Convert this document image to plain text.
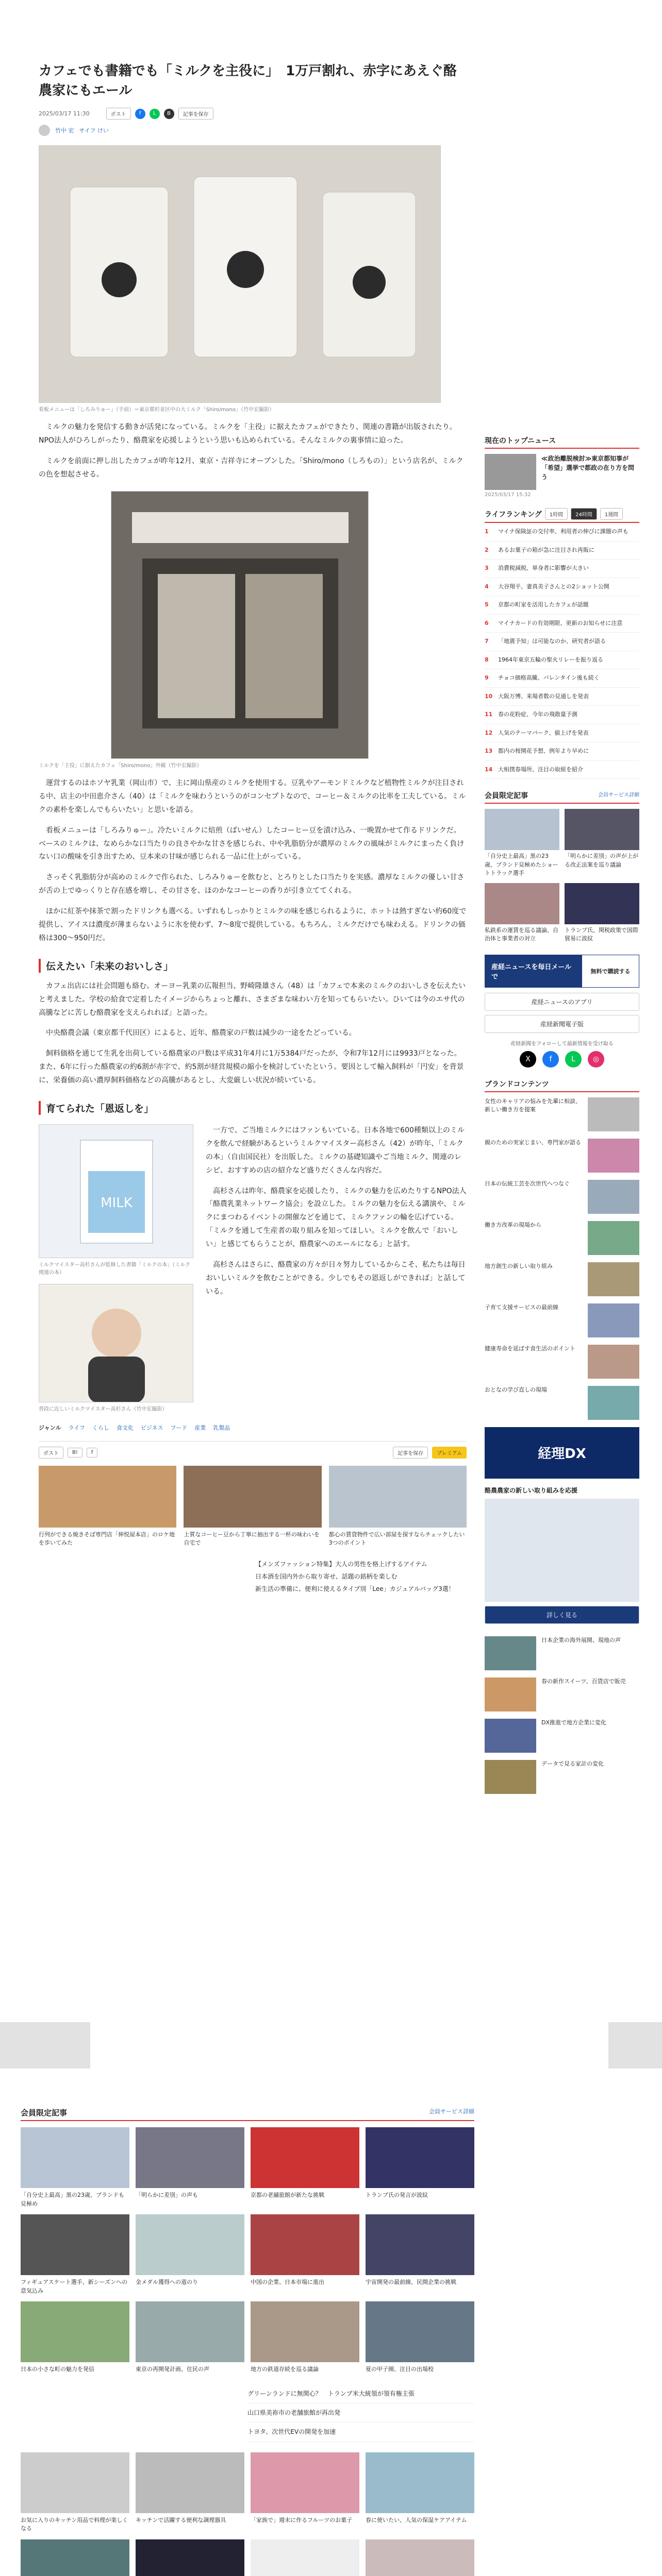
カフェでも書籍でも「ミルクを主役に」　1万戸割れ、赤字にあえぐ酪農家にもエール
2025/03/17 11:30	ポスト	f	L	B	記事を保存
竹中 宏 サイフ けい
看板メニューは「しろみりゅー」（手前）＝東京都杉並区中の大ミルク「Shiro/mono」（竹中宏撮影）

ミルクの魅力を発信する動きが活発になっている。ミルクを「主役」に据えたカフェができたり、関連の書籍が出版されたり。NPO法人がひろしがったり、酪農家を応援しようという思いも込められている。そんなミルクの裏事情に迫った。

ミルクを前面に押し出したカフェが昨年12月、東京・吉祥寺にオープンした。「Shiro/mono（しろもの）」という店名が、ミルクの色を想起させる。

ミルクを「主役」に据えたカフェ「Shiro/mono」外観（竹中宏撮影）

運営するのはホソヤ乳業（岡山市）で、主に岡山県産のミルクを使用する。豆乳やアーモンドミルクなど植物性ミルクが注目される中、店主の中田恵介さん（40）は「ミルクを味わうというのがコンセプトなので、コーヒー＆ミルクの比率を工夫している。ミルクの素朴を楽しんでもらいたい」と思いを語る。

看板メニューは「しろみりゅー」。冷たいミルクに焙煎（ばいせん）したコーヒー豆を漬け込み、一晩置かせて作るドリンクだ。ベースのミルクは、なめらかな口当たりの良さやかな甘さを感じられ、中や乳脂肪分が濃厚のミルクの風味がミルクにまったく負けない口の酸味を引き出すため、豆本来の甘味が感じられる一品に仕上がっている。

さっそく乳脂肪分が高めのミルクで作られた、しろみりゅーを飲むと、とろりとした口当たりを実感。濃厚なミルクの優しい甘さが舌の上でゆっくりと存在感を増し、その甘さを、ほのかなコーヒーの香りが引き立ててくれる。

ほかに紅茶や抹茶で割ったドリンクも選べる。いずれもしっかりとミルクの味を感じられるように、ホットは熱すぎない約60度で提供し、アイスは濃度が薄まらないように氷を使わず、7〜8度で提供している。もちろん、ミルクだけでも味わえる。ドリンクの価格は300〜950円だ。

伝えたい「未来のおいしさ」

カフェ出店には社会問題も絡む。オーヨー乳業の広報担当、野崎隆雄さん（48）は「カフェで本来のミルクのおいしさを伝えたいと考えました。学校の給食で定着したイメージからちょっと離れ、さまざまな味わい方を知ってもらいたい。ひいては今のエサ代の高騰などに苦しむ酪農家を支えられれば」と語った。

中央酪農会議（東京都千代田区）によると、近年、酪農家の戸数は減少の一途をたどっている。

飼料価格を通じて生乳を出荷している酪農家の戸数は平成31年4月に1万5384戸だったが、令和7年12月には9933戸となった。また、6年に行った酪農家の約6割が赤字で、約5割が経営規模の縮小を検討していたという。要因として輸入飼料が「円安」を背景に、栄養価の高い濃厚飼料価格などの高騰があるとし、大変厳しい状況が続いている。

育てられた「恩返しを」
MILK
ミルクマイスター高杉さんが監修した書籍「ミルクの本」（ミルク関連の本）
普段に近しいミルクマイスター高杉さん（竹中宏撮影）

一方で、ご当地ミルクにはファンもいている。日本各地で600種類以上のミルクを飲んで経験があるというミルクマイスター高杉さん（42）が昨年、「ミルクの本」（自由国民社）を出版した。ミルクの基礎知識やご当地ミルク、関連のレシピ、おすすめの店の紹介など盛りだくさんな内容だ。

高杉さんは昨年、酪農家を応援したり、ミルクの魅力を広めたりするNPO法人「酪農乳業ネットワーク協会」を設立した。ミルクの魅力を伝える講演や、ミルクにまつわるイベントの開催などを通じて、ミルクファンの輪を広げている。「ミルクを通して生産者の取り組みを知ってほしい。ミルクを飲んで「おいしい」と感じてもらうことが、酪農家へのエールになる」と話す。

高杉さんはさらに、酪農家の方々が日々努力しているからこそ、私たちは毎日おいしいミルクを飲むことができる。少しでもその恩返しができれば」と話している。

ジャンル ライフ くらし 食文化 ビジネス フード 産業 乳製品
ポスト	B!	f	記事を保存	プレミアム
行列ができる焼きそば専門店「伸悦屋本店」のロケ地を歩いてみた
上質なコーヒー豆から丁寧に抽出する一杯の味わいを自宅で
都心の賃貸物件で広い部屋を探すならチェックしたい3つのポイント
【メンズファッション特集】大人の男性を格上げするアイテム
日本酒を国内外から取り寄せ、話題の銘柄を楽しむ
新生活の準備に、便利に使えるタイプ別「Lee」カジュアルバッグ3選！
現在のトップニュース
≪政治離脱検討≫東京都知事が「希望」選挙で都政の在り方を問う
2025/03/17 15:32
ライフランキング	1時間	24時間	1週間
1	マイナ保険証の交付率、利用者の伸びに課題の声も
2	あるお菓子の箱が急に注目され再販に
3	消費税減税、単身者に影響が大きい
4	大谷翔平、妻真美子さんとの2ショット公開
5	京都の町家を活用したカフェが話題
6	マイナカードの有効期限、更新のお知らせに注意
7	「地震予知」は可能なのか、研究者が語る
8	1964年東京五輪の聖火リレーを振り返る
9	チョコ価格高騰、バレンタイン後も続く
10 大阪万博、来場者数の見通しを発表
11 春の花粉症、今年の飛散量予測
12 人気のテーマパーク、値上げを発表
13 都内の桜開花予想、例年より早めに
14 大相撲春場所、注目の取組を紹介
会員限定記事	会員サービス詳細
「自分史上最高」黒の23歳、ブランド見極めたショートトラック選手
「明らかに差別」の声が上がる改正法案を巡り議論
私鉄系の運賃を巡る議論、自治体と事業者の対立
トランプ氏、関税政策で国際貿易に波紋
産経ニュースを毎日メールで
無料で購読する
産経ニュースのアプリ
産経新聞電子版
産経新聞をフォローして最新情報を受け取る
X	f	L	◎
ブランドコンテンツ
女性のキャリアの悩みを先輩に相談、新しい働き方を提案
親のための実家じまい、専門家が語る
日本の伝統工芸を次世代へつなぐ
働き方改革の現場から
地方創生の新しい取り組み
子育て支援サービスの最前線
健康寿命を延ばす食生活のポイント
おとなの学び直しの現場
経理DX
酪農農家の新しい取り組みを応援
詳しく見る
日本企業の海外展開、現地の声
春の新作スイーツ、百貨店で販売
DX推進で地方企業に変化
データで見る家計の変化
会員限定記事	会員サービス詳細
「自分史上最高」黒の23歳、ブランドも見極め
「明らかに差別」の声も	京都の老舗旅館が新たな挑戦	トランプ氏の発言が波紋
フィギュアスケート選手、新シーズンへの意気込み
金メダル獲得への道のり	中国の企業、日本市場に進出	宇宙開発の最前線、民間企業の挑戦
日本の小さな町の魅力を発信	東京の再開発計画、住民の声	地方の鉄道存続を巡る議論	夏の甲子園、注目の出場校
グリーンランドに無関心？　トランプ米大統領が領有権主張
山口県美祢市の老舗旅館が再出発
トヨタ、次世代EVの開発を加速
お気に入りのキッチン用品で料理が楽しくなる
キッチンで活躍する便利な調理器具	「家族で」週末に作るフルーツのお菓子	春に使いたい、人気の保湿ケアアイテム
